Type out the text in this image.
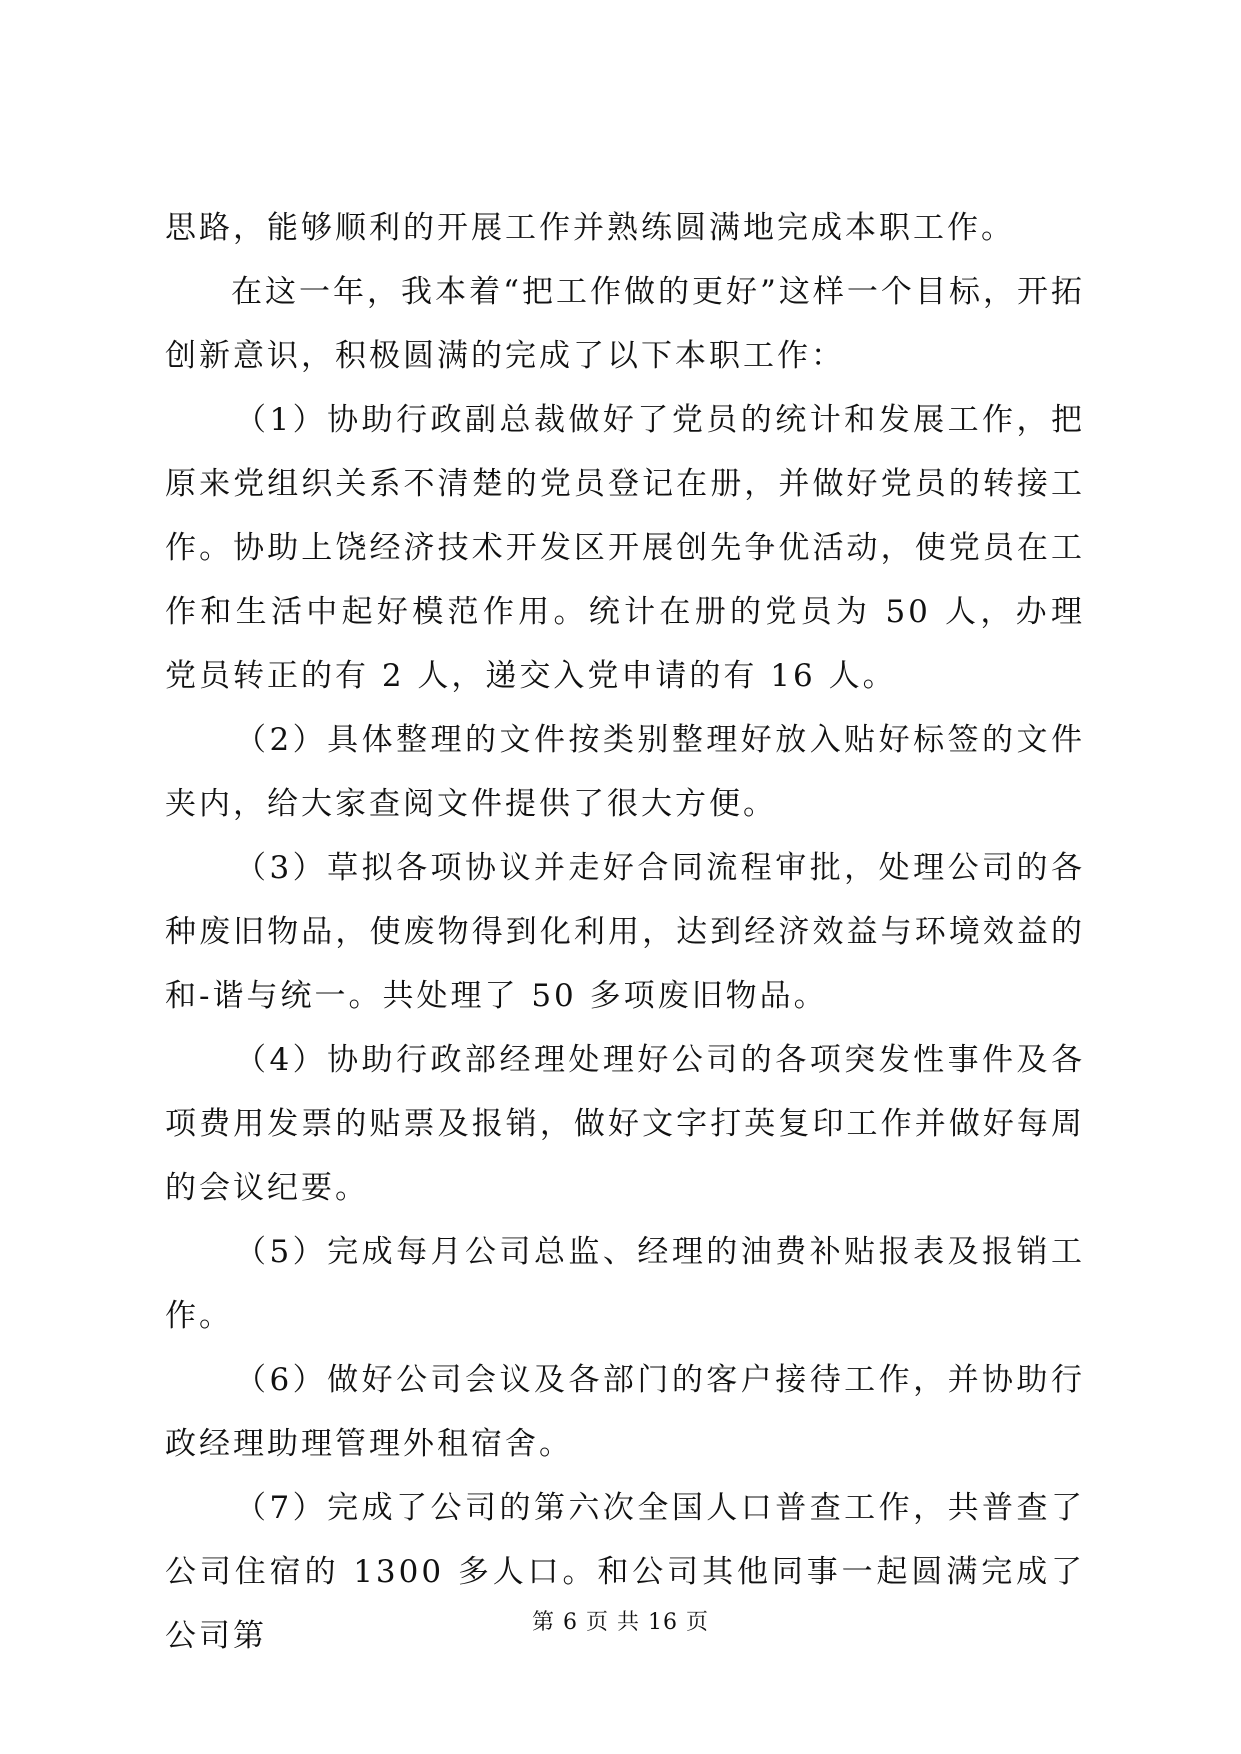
思路，能够顺利的开展工作并熟练圆满地完成本职工作。

在这一年，我本着“把工作做的更好”这样一个目标，开拓创新意识，积极圆满的完成了以下本职工作：

（1）协助行政副总裁做好了党员的统计和发展工作，把原来党组织关系不清楚的党员登记在册，并做好党员的转接工作。协助上饶经济技术开发区开展创先争优活动，使党员在工作和生活中起好模范作用。统计在册的党员为 50 人，办理党员转正的有 2 人，递交入党申请的有 16 人。

（2）具体整理的文件按类别整理好放入贴好标签的文件夹内，给大家查阅文件提供了很大方便。

（3）草拟各项协议并走好合同流程审批，处理公司的各种废旧物品，使废物得到化利用，达到经济效益与环境效益的和-谐与统一。共处理了 50 多项废旧物品。

（4）协助行政部经理处理好公司的各项突发性事件及各项费用发票的贴票及报销，做好文字打英复印工作并做好每周的会议纪要。

（5）完成每月公司总监、经理的油费补贴报表及报销工作。

（6）做好公司会议及各部门的客户接待工作，并协助行政经理助理管理外租宿舍。

（7）完成了公司的第六次全国人口普查工作，共普查了公司住宿的 1300 多人口。和公司其他同事一起圆满完成了公司第	第 6 页 共 16 页
